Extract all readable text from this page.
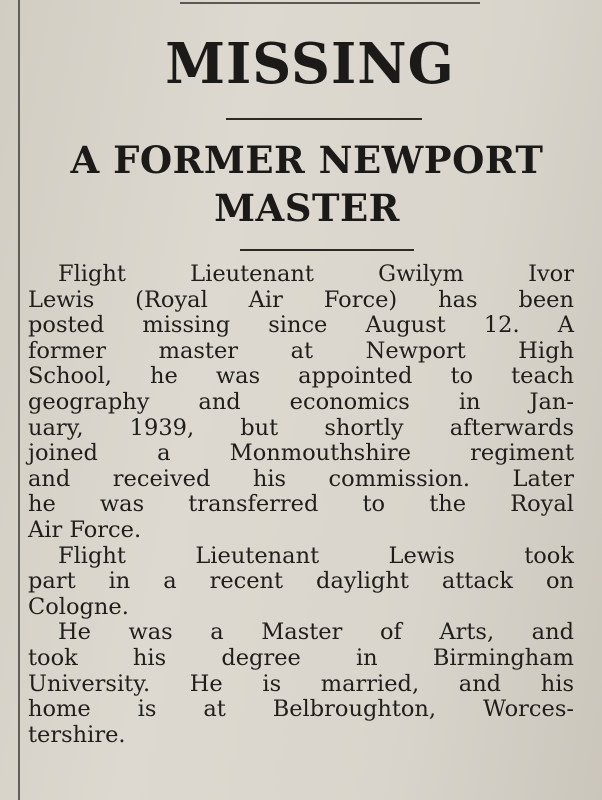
MISSING
A FORMER NEWPORT
MASTER
Flight Lieutenant Gwilym Ivor
Lewis (Royal Air Force) has been
posted missing since August 12. A
former master at Newport High
School, he was appointed to teach
geography and economics in Jan-
uary, 1939, but shortly afterwards
joined a Monmouthshire regiment
and received his commission. Later
he was transferred to the Royal
Air Force.
Flight Lieutenant Lewis took
part in a recent daylight attack on
Cologne.
He was a Master of Arts, and
took his degree in Birmingham
University. He is married, and his
home is at Belbroughton, Worces-
tershire.
